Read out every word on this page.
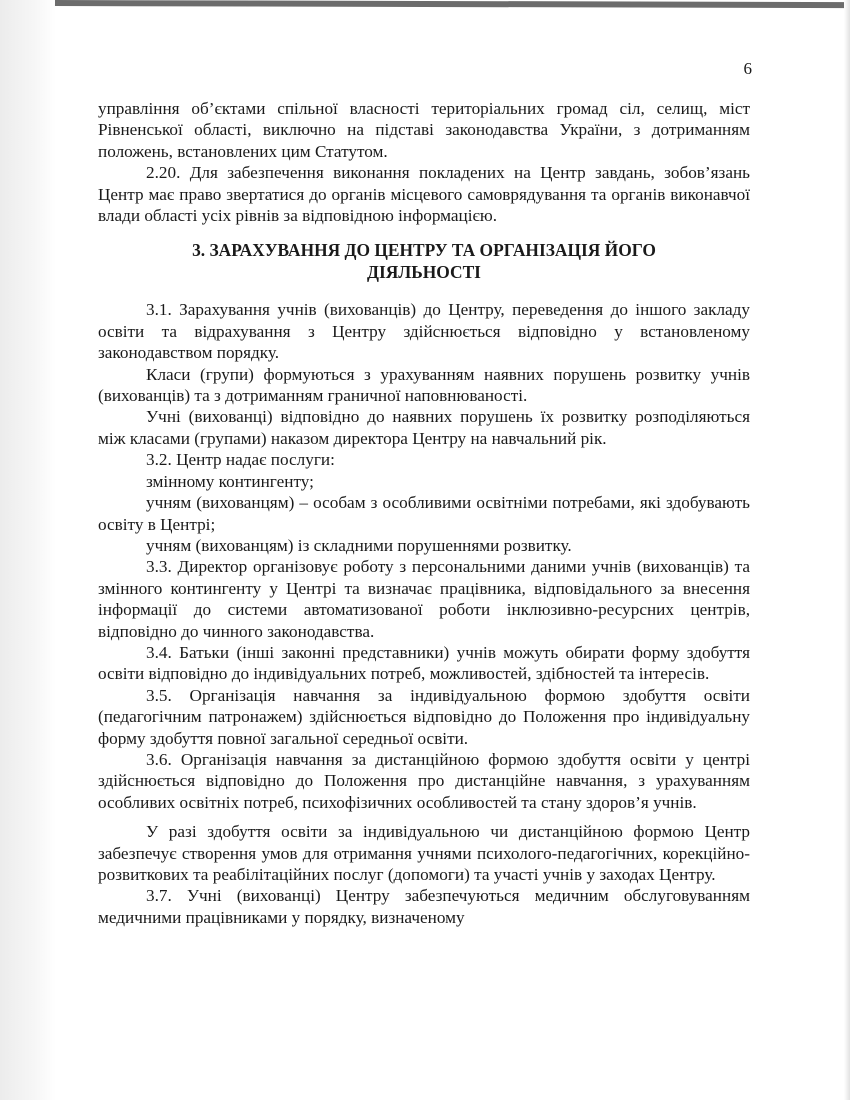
6

управління об’єктами спільної власності територіальних громад сіл, селищ, міст Рівненської області, виключно на підставі законодавства України, з дотриманням положень, встановлених цим Статутом.

2.20. Для забезпечення виконання покладених на Центр завдань, зобов’язань Центр має право звертатися до органів місцевого самоврядування та органів виконавчої влади області усіх рівнів за відповідною інформацією.

3. ЗАРАХУВАННЯ ДО ЦЕНТРУ ТА ОРГАНІЗАЦІЯ ЙОГО ДІЯЛЬНОСТІ

3.1. Зарахування учнів (вихованців) до Центру, переведення до іншого закладу освіти та відрахування з Центру здійснюється відповідно у встановленому законодавством порядку.

Класи (групи) формуються з урахуванням наявних порушень розвитку учнів (вихованців) та з дотриманням граничної наповнюваності.

Учні (вихованці) відповідно до наявних порушень їх розвитку розподіляються між класами (групами) наказом директора Центру на навчальний рік.

3.2. Центр надає послуги:

змінному контингенту;

учням (вихованцям) – особам з особливими освітніми потребами, які здобувають освіту в Центрі;

учням (вихованцям) із складними порушеннями розвитку.

3.3. Директор організовує роботу з персональними даними учнів (вихованців) та змінного контингенту у Центрі та визначає працівника, відповідального за внесення інформації до системи автоматизованої роботи інклюзивно-ресурсних центрів, відповідно до чинного законодавства.

3.4. Батьки (інші законні представники) учнів можуть обирати форму здобуття освіти відповідно до індивідуальних потреб, можливостей, здібностей та інтересів.

3.5. Організація навчання за індивідуальною формою здобуття освіти (педагогічним патронажем) здійснюється відповідно до Положення про індивідуальну форму здобуття повної загальної середньої освіти.

3.6. Організація навчання за дистанційною формою здобуття освіти у центрі здійснюється відповідно до Положення про дистанційне навчання, з урахуванням особливих освітніх потреб, психофізичних особливостей та стану здоров’я учнів.

У разі здобуття освіти за індивідуальною чи дистанційною формою Центр забезпечує створення умов для отримання учнями психолого-педагогічних, корекційно-розвиткових та реабілітаційних послуг (допомоги) та участі учнів у заходах Центру.

3.7. Учні (вихованці) Центру забезпечуються медичним обслуговуванням медичними працівниками у порядку, визначеному
